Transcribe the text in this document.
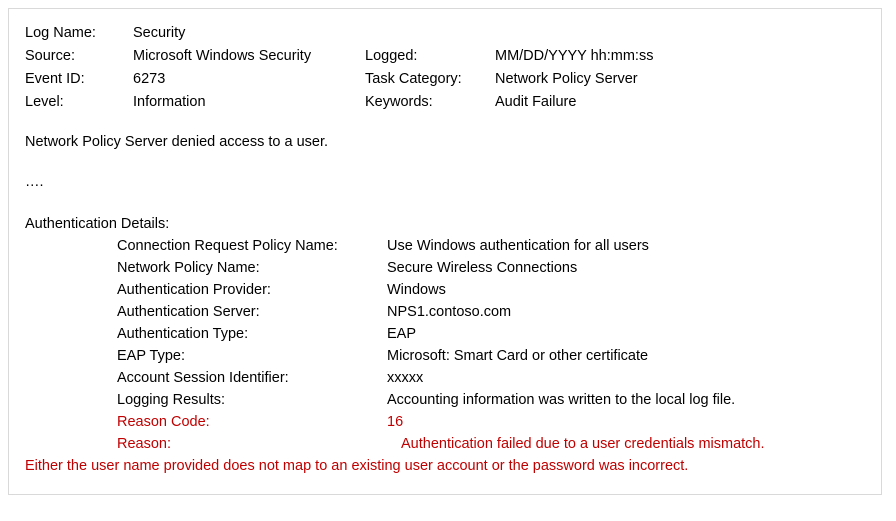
Log Name:	Security
Source:	Microsoft Windows Security	Logged:	MM/DD/YYYY hh:mm:ss
Event ID:	6273	Task Category:	Network Policy Server
Level:	Information	Keywords:	Audit Failure
Network Policy Server denied access to a user.
….
Authentication Details:
Connection Request Policy Name:	Use Windows authentication for all users
Network Policy Name:	Secure Wireless Connections
Authentication Provider:	Windows
Authentication Server:	NPS1.contoso.com
Authentication Type:	EAP
EAP Type:	Microsoft: Smart Card or other certificate
Account Session Identifier:	xxxxx
Logging Results:	Accounting information was written to the local log file.
Reason Code:	16
Reason:	Authentication failed due to a user credentials mismatch.
Either the user name provided does not map to an existing user account or the password was incorrect.
